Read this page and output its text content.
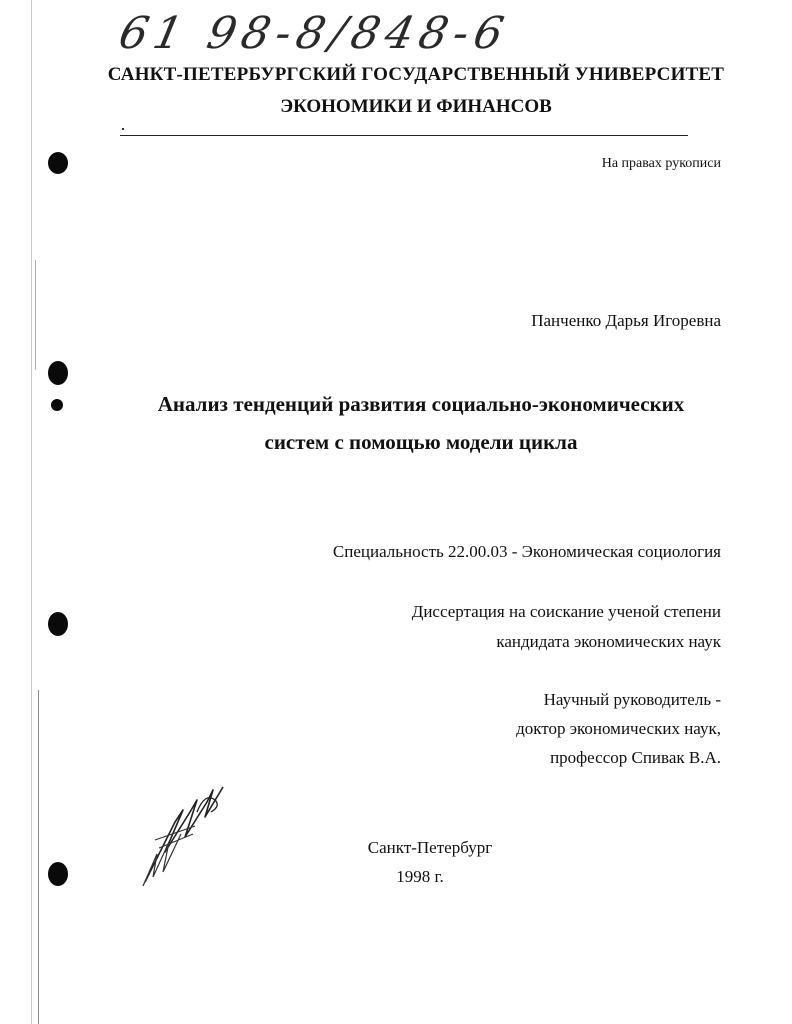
61 98-8/848-6
САНКТ-ПЕТЕРБУРГСКИЙ ГОСУДАРСТВЕННЫЙ УНИВЕРСИТЕТ
ЭКОНОМИКИ И ФИНАНСОВ
На правах рукописи
Панченко Дарья Игоревна
Анализ тенденций развития социально-экономических
систем с помощью модели цикла
Специальность 22.00.03 - Экономическая социология
Диссертация на соискание ученой степени
кандидата экономических наук
Научный руководитель -
доктор экономических наук,
профессор Спивак В.А.
Санкт-Петербург
1998 г.
